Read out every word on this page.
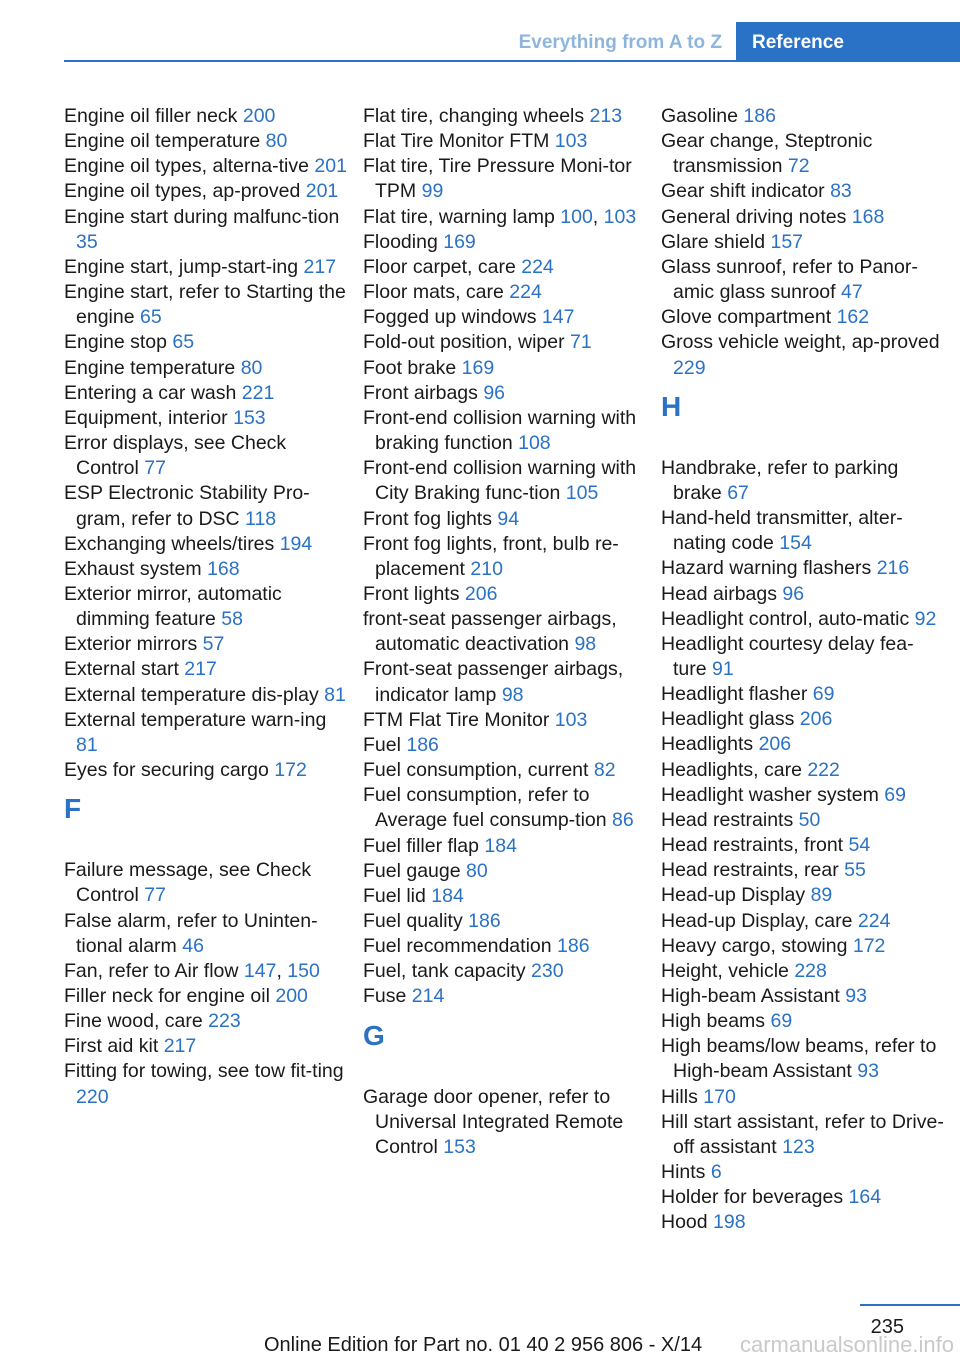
Everything from A to Z	Reference
Engine oil filler neck 200
Engine oil temperature 80
Engine oil types, alterna-tive 201
Engine oil types, ap-proved 201
Engine start during malfunc-tion 35
Engine start, jump-start-ing 217
Engine start, refer to Starting the engine 65
Engine stop 65
Engine temperature 80
Entering a car wash 221
Equipment, interior 153
Error displays, see Check Control 77
ESP Electronic Stability Pro-gram, refer to DSC 118
Exchanging wheels/tires 194
Exhaust system 168
Exterior mirror, automatic dimming feature 58
Exterior mirrors 57
External start 217
External temperature dis-play 81
External temperature warn-ing 81
Eyes for securing cargo 172
F
Failure message, see Check Control 77
False alarm, refer to Uninten-tional alarm 46
Fan, refer to Air flow 147, 150
Filler neck for engine oil 200
Fine wood, care 223
First aid kit 217
Fitting for towing, see tow fit-ting 220
Flat tire, changing wheels 213
Flat Tire Monitor FTM 103
Flat tire, Tire Pressure Moni-tor TPM 99
Flat tire, warning lamp 100, 103
Flooding 169
Floor carpet, care 224
Floor mats, care 224
Fogged up windows 147
Fold-out position, wiper 71
Foot brake 169
Front airbags 96
Front-end collision warning with braking function 108
Front-end collision warning with City Braking func-tion 105
Front fog lights 94
Front fog lights, front, bulb re-placement 210
Front lights 206
front-seat passenger airbags, automatic deactivation 98
Front-seat passenger airbags, indicator lamp 98
FTM Flat Tire Monitor 103
Fuel 186
Fuel consumption, current 82
Fuel consumption, refer to Average fuel consump-tion 86
Fuel filler flap 184
Fuel gauge 80
Fuel lid 184
Fuel quality 186
Fuel recommendation 186
Fuel, tank capacity 230
Fuse 214
G
Garage door opener, refer to Universal Integrated Remote Control 153
Gasoline 186
Gear change, Steptronic transmission 72
Gear shift indicator 83
General driving notes 168
Glare shield 157
Glass sunroof, refer to Panor-amic glass sunroof 47
Glove compartment 162
Gross vehicle weight, ap-proved 229
H
Handbrake, refer to parking brake 67
Hand-held transmitter, alter-nating code 154
Hazard warning flashers 216
Head airbags 96
Headlight control, auto-matic 92
Headlight courtesy delay fea-ture 91
Headlight flasher 69
Headlight glass 206
Headlights 206
Headlights, care 222
Headlight washer system 69
Head restraints 50
Head restraints, front 54
Head restraints, rear 55
Head-up Display 89
Head-up Display, care 224
Heavy cargo, stowing 172
Height, vehicle 228
High-beam Assistant 93
High beams 69
High beams/low beams, refer to High-beam Assistant 93
Hills 170
Hill start assistant, refer to Drive-off assistant 123
Hints 6
Holder for beverages 164
Hood 198
235
Online Edition for Part no. 01 40 2 956 806 - X/14 carmanualsonline.info
